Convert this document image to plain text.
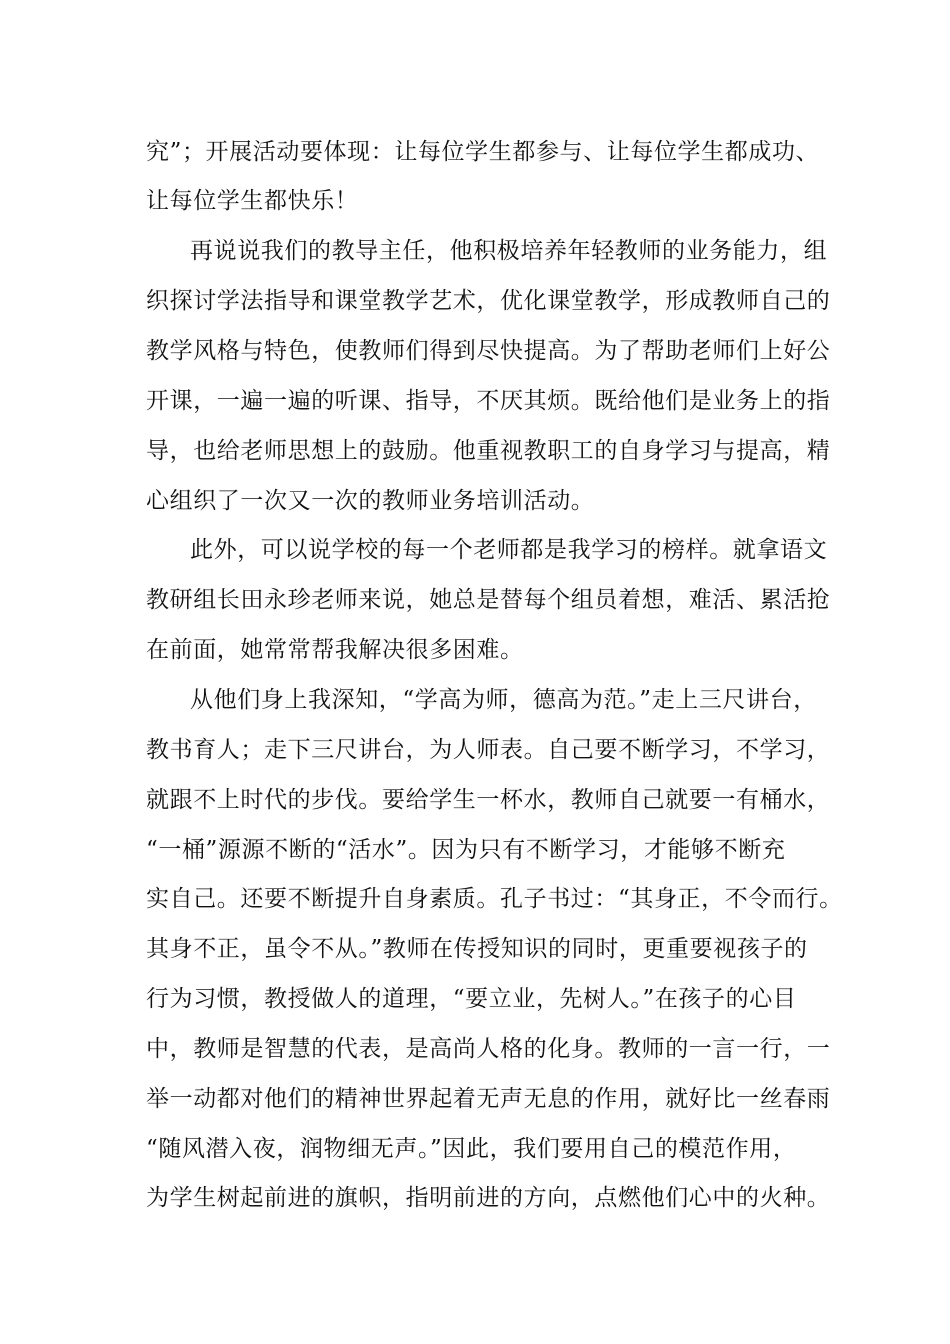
究”；开展活动要体现：让每位学生都参与、让每位学生都成功、
让每位学生都快乐！
再说说我们的教导主任，他积极培养年轻教师的业务能力，组
织探讨学法指导和课堂教学艺术，优化课堂教学，形成教师自己的
教学风格与特色，使教师们得到尽快提高。为了帮助老师们上好公
开课，一遍一遍的听课、指导，不厌其烦。既给他们是业务上的指
导，也给老师思想上的鼓励。他重视教职工的自身学习与提高，精
心组织了一次又一次的教师业务培训活动。
此外，可以说学校的每一个老师都是我学习的榜样。就拿语文
教研组长田永珍老师来说，她总是替每个组员着想，难活、累活抢
在前面，她常常帮我解决很多困难。
从他们身上我深知，“学高为师，德高为范。”走上三尺讲台，
教书育人；走下三尺讲台，为人师表。自己要不断学习，不学习，
就跟不上时代的步伐。要给学生一杯水，教师自己就要一有桶水，
“一桶”源源不断的“活水”。因为只有不断学习，才能够不断充
实自己。还要不断提升自身素质。孔子书过：“其身正，不令而行。
其身不正，虽令不从。”教师在传授知识的同时，更重要视孩子的
行为习惯，教授做人的道理，“要立业，先树人。”在孩子的心目
中，教师是智慧的代表，是高尚人格的化身。教师的一言一行，一
举一动都对他们的精神世界起着无声无息的作用，就好比一丝春雨
“随风潜入夜，润物细无声。”因此，我们要用自己的模范作用，
为学生树起前进的旗帜，指明前进的方向，点燃他们心中的火种。
